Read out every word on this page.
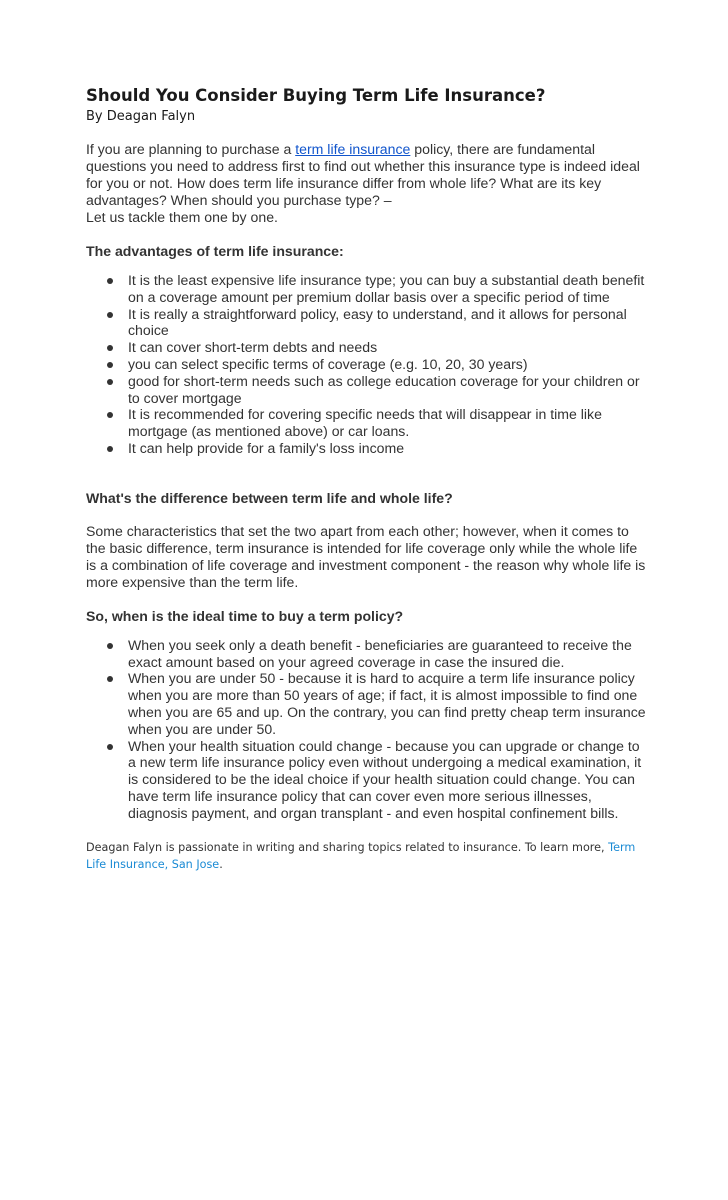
Should You Consider Buying Term Life Insurance?

By Deagan Falyn

If you are planning to purchase a term life insurance policy, there are fundamental questions you need to address first to find out whether this insurance type is indeed ideal for you or not. How does term life insurance differ from whole life? What are its key advantages? When should you purchase type? –
Let us tackle them one by one.

The advantages of term life insurance:

It is the least expensive life insurance type; you can buy a substantial death benefit on a coverage amount per premium dollar basis over a specific period of time
It is really a straightforward policy, easy to understand, and it allows for personal choice
It can cover short-term debts and needs
you can select specific terms of coverage (e.g. 10, 20, 30 years)
good for short-term needs such as college education coverage for your children or to cover mortgage
It is recommended for covering specific needs that will disappear in time like mortgage (as mentioned above) or car loans.
It can help provide for a family's loss income

What's the difference between term life and whole life?

Some characteristics that set the two apart from each other; however, when it comes to the basic difference, term insurance is intended for life coverage only while the whole life is a combination of life coverage and investment component - the reason why whole life is more expensive than the term life.

So, when is the ideal time to buy a term policy?

When you seek only a death benefit - beneficiaries are guaranteed to receive the exact amount based on your agreed coverage in case the insured die.
When you are under 50 - because it is hard to acquire a term life insurance policy when you are more than 50 years of age; if fact, it is almost impossible to find one when you are 65 and up. On the contrary, you can find pretty cheap term insurance when you are under 50.
When your health situation could change - because you can upgrade or change to a new term life insurance policy even without undergoing a medical examination, it is considered to be the ideal choice if your health situation could change. You can have term life insurance policy that can cover even more serious illnesses, diagnosis payment, and organ transplant - and even hospital confinement bills.

Deagan Falyn is passionate in writing and sharing topics related to insurance. To learn more, Term Life Insurance, San Jose.
